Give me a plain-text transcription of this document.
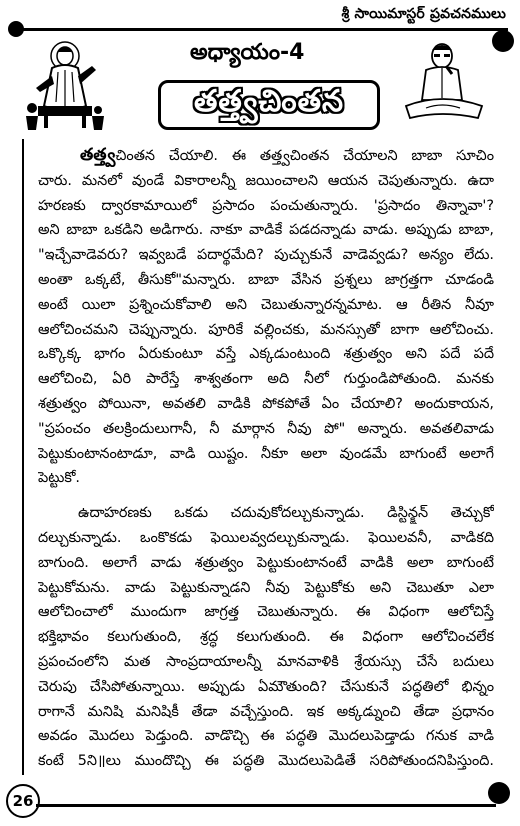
శ్రీ సాయిమాస్టర్ ప్రవచనములు
అధ్యాయం-4
తత్త్వచింతన
తత్త్వచింతన చేయాలి. ఈ తత్త్వచింతన చేయాలని బాబా సూచిం
చారు. మనలో వుండే వికారాలన్నీ జయించాలని ఆయన చెపుతున్నారు. ఉదా
హరణకు ద్వారకామాయిలో ప్రసాదం పంచుతున్నారు. 'ప్రసాదం తిన్నావా'?
అని బాబా ఒకడిని అడిగారు. నాకూ వాడికే పడదన్నాడు వాడు. అప్పుడు బాబా,
"ఇచ్చేవాడెవరు? ఇవ్వబడే పదార్థమేది? పుచ్చుకునే వాడెవ్వడు? అన్యం లేదు.
అంతా ఒక్కటే, తీసుకో"మన్నారు. బాబా వేసిన ప్రశ్నలు జాగ్రత్తగా చూడండి
అంటే యిలా ప్రశ్నించుకోవాలి అని చెబుతున్నారన్నమాట. ఆ రీతిన నీవూ
ఆలోచించమని చెప్పున్నారు. పూరికే వల్లించకు, మనస్సుతో బాగా ఆలోచించు.
ఒక్కొక్క భాగం ఏరుకుంటూ వస్తే ఎక్కడుంటుంది శత్రుత్వం అని పదే పదే
ఆలోచించి, ఏరి పారేస్తే శాశ్వతంగా అది నీలో గుర్తుండిపోతుంది. మనకు
శత్రుత్వం పోయినా, అవతలి వాడికి పోకపోతే ఏం చేయాలి? అందుకాయన,
"ప్రపంచం తలక్రిందులుగానీ, నీ మార్గాన నీవు పో" అన్నారు. అవతలివాడు
పెట్టుకుంటానంటాడూ, వాడి యిష్టం. నీకూ అలా వుండమే బాగుంటే అలాగే
పెట్టుకో.
ఉదాహరణకు ఒకడు చదువుకోదల్చుకున్నాడు. డిస్టిన్క్షన్ తెచ్చుకో
దల్చుకున్నాడు. ఒంకొకడు ఫెయిలవ్వదల్చుకున్నాడు. ఫెయిలవనీ, వాడికది
బాగుంది. అలాగే వాడు శత్రుత్వం పెట్టుకుంటానంటే వాడికి అలా బాగుంటే
పెట్టుకోమను. వాడు పెట్టుకున్నాడని నీవు పెట్టుకోకు అని చెబుతూ ఎలా
ఆలోచించాలో ముందుగా జాగ్రత్త చెబుతున్నారు. ఈ విధంగా ఆలోచిస్తే
భక్తిభావం కలుగుతుంది, శ్రద్ధ కలుగుతుంది. ఈ విధంగా ఆలోచించలేక
ప్రపంచంలోని మత సాంప్రదాయాలన్నీ మానవాళికి శ్రేయస్సు చేసే బదులు
చెరుపు చేసిపోతున్నాయి. అప్పుడు ఏమౌతుంది? చేసుకునే పద్ధతిలో భిన్నం
రాగానే మనిషి మనిషికీ తేడా వచ్చేస్తుంది. ఇక అక్కడ్నుంచి తేడా ప్రధానం
అవడం మొదలు పెడ్తుంది. వాడొచ్చి ఈ పద్ధతి మొదలుపెడ్తాడు గనుక వాడి
కంటే 5ని॥లు ముందొచ్చి ఈ పద్ధతి మొదలుపెడితే సరిపోతుందనిపిస్తుంది.
26
